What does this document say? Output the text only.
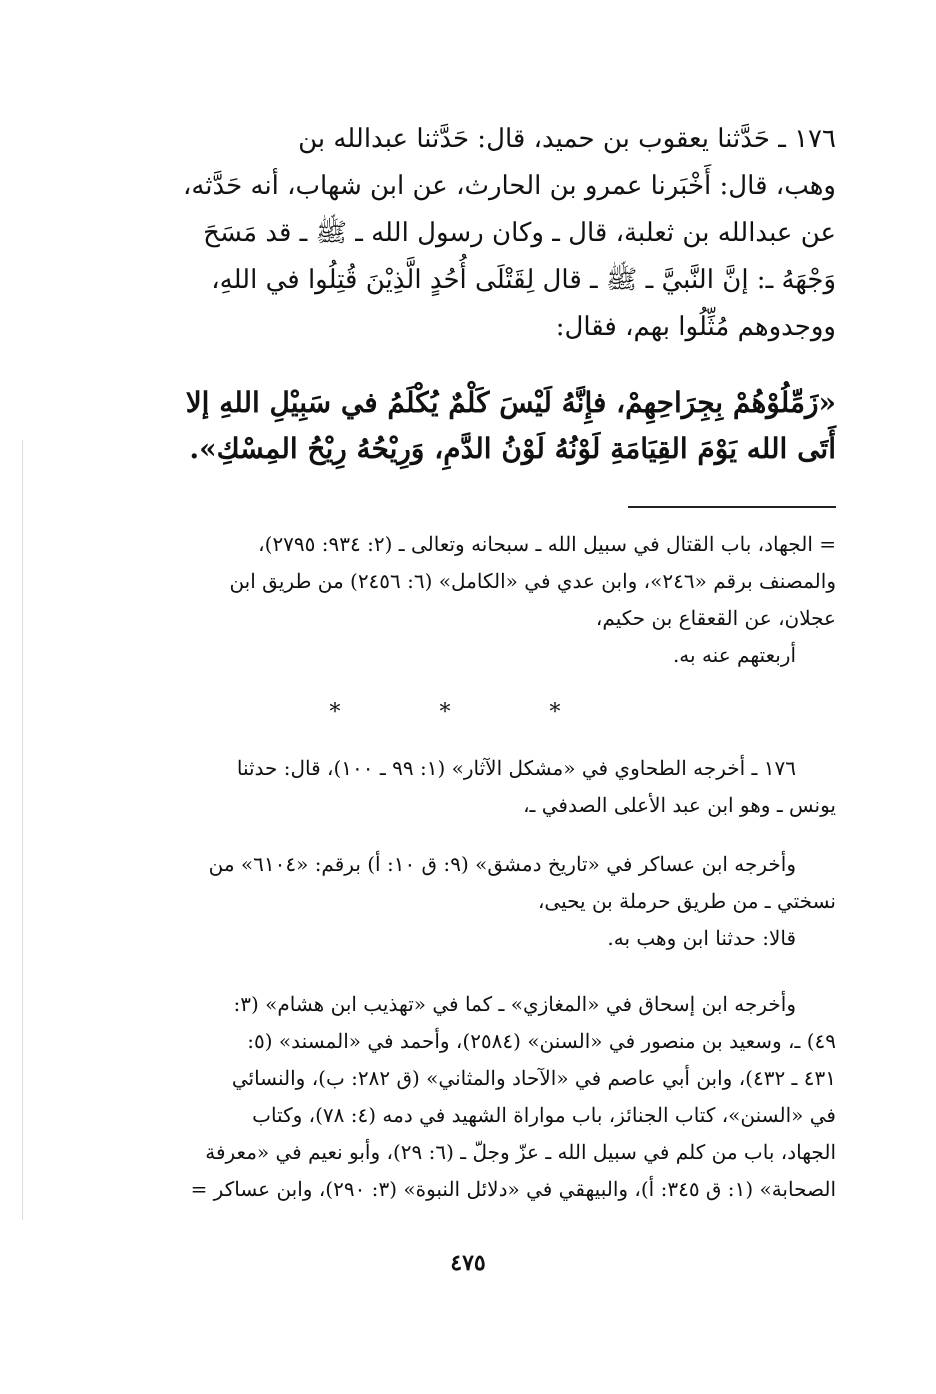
١٧٦ ـ حَدَّثنا يعقوب بن حميد، قال: حَدَّثنا عبدالله بن

وهب، قال: أَخْبَرنا عمرو بن الحارث، عن ابن شهاب، أنه حَدَّثه،

عن عبدالله بن ثعلبة، قال ـ وكان رسول الله ـ ﷺ ـ قد مَسَحَ

وَجْهَهُ ـ: إنَّ النَّبيَّ ـ ﷺ ـ قال لِقَتْلَى أُحُدٍ الَّذِيْنَ قُتِلُوا في اللهِ،

ووجدوهم مُثِّلُوا بهم، فقال:

«زَمِّلُوْهُمْ بِجِرَاحِهِمْ، فإِنَّهُ لَيْسَ كَلْمٌ يُكْلَمُ في سَبِيْلِ اللهِ إلا

أَتَى الله يَوْمَ القِيَامَةِ لَوْنُهُ لَوْنُ الدَّمِ، وَرِيْحُهُ رِيْحُ المِسْكِ».

= الجهاد، باب القتال في سبيل الله ـ سبحانه وتعالى ـ (٢: ٩٣٤: ٢٧٩٥)،

والمصنف برقم «٢٤٦»، وابن عدي في «الكامل» (٦: ٢٤٥٦) من طريق ابن

عجلان، عن القعقاع بن حكيم،

أربعتهم عنه به.

* * *

١٧٦ ـ أخرجه الطحاوي في «مشكل الآثار» (١: ٩٩ ـ ١٠٠)، قال: حدثنا

يونس ـ وهو ابن عبد الأعلى الصدفي ـ،

وأخرجه ابن عساكر في «تاريخ دمشق» (٩: ق ١٠: أ) برقم: «٦١٠٤» من

نسختي ـ من طريق حرملة بن يحيى،

قالا: حدثنا ابن وهب به.

وأخرجه ابن إسحاق في «المغازي» ـ كما في «تهذيب ابن هشام» (٣:

٤٩) ـ، وسعيد بن منصور في «السنن» (٢٥٨٤)، وأحمد في «المسند» (٥:

٤٣١ ـ ٤٣٢)، وابن أبي عاصم في «الآحاد والمثاني» (ق ٢٨٢: ب)، والنسائي

في «السنن»، كتاب الجنائز، باب مواراة الشهيد في دمه (٤: ٧٨)، وكتاب

الجهاد، باب من كلم في سبيل الله ـ عزّ وجلّ ـ (٦: ٢٩)، وأبو نعيم في «معرفة

الصحابة» (١: ق ٣٤٥: أ)، والبيهقي في «دلائل النبوة» (٣: ٢٩٠)، وابن عساكر =

٤٧٥
